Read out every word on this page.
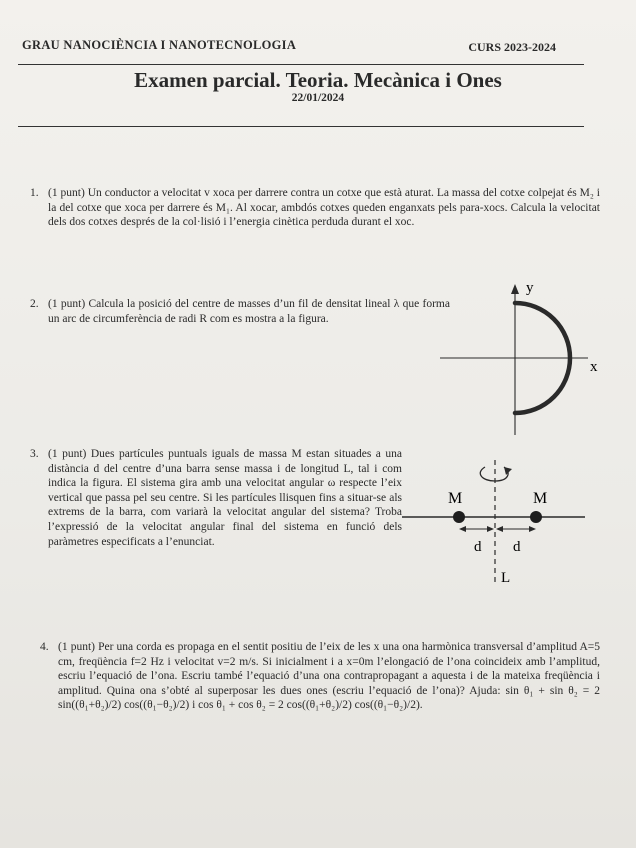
GRAU NANOCIÈNCIA I NANOTECNOLOGIA	CURS 2023-2024
Examen parcial. Teoria. Mecànica i Ones
22/01/2024
1. (1 punt) Un conductor a velocitat v xoca per darrere contra un cotxe que està aturat. La massa del cotxe colpejat és M₂ i la del cotxe que xoca per darrere és M₁. Al xocar, ambdós cotxes queden enganxats pels para-xocs. Calcula la velocitat dels dos cotxes després de la col·lisió i l’energia cinètica perduda durant el xoc.
2. (1 punt) Calcula la posició del centre de masses d’un fil de densitat lineal λ que forma un arc de circumferència de radi R com es mostra a la figura.
y
x
3. (1 punt) Dues partícules puntuals iguals de massa M estan situades a una distància d del centre d’una barra sense massa i de longitud L, tal i com indica la figura. El sistema gira amb una velocitat angular ω respecte l’eix vertical que passa pel seu centre. Si les partícules llisquen fins a situar-se als extrems de la barra, com variarà la velocitat angular del sistema? Troba l’expressió de la velocitat angular final del sistema en funció dels paràmetres especificats a l’enunciat.
M	M
d d
L
4. (1 punt) Per una corda es propaga en el sentit positiu de l’eix de les x una ona harmònica transversal d’amplitud A=5 cm, freqüència f=2 Hz i velocitat v=2 m/s. Si inicialment i a x=0m l’elongació de l’ona coincideix amb l’amplitud, escriu l’equació de l’ona. Escriu també l’equació d’una ona contrapropagant a aquesta i de la mateixa freqüència i amplitud. Quina ona s’obté al superposar les dues ones (escriu l’equació de l’ona)? Ajuda: sin θ₁ + sin θ₂ = 2 sin((θ₁+θ₂)/2) cos((θ₁−θ₂)/2) i cos θ₁ + cos θ₂ = 2 cos((θ₁+θ₂)/2) cos((θ₁−θ₂)/2).
